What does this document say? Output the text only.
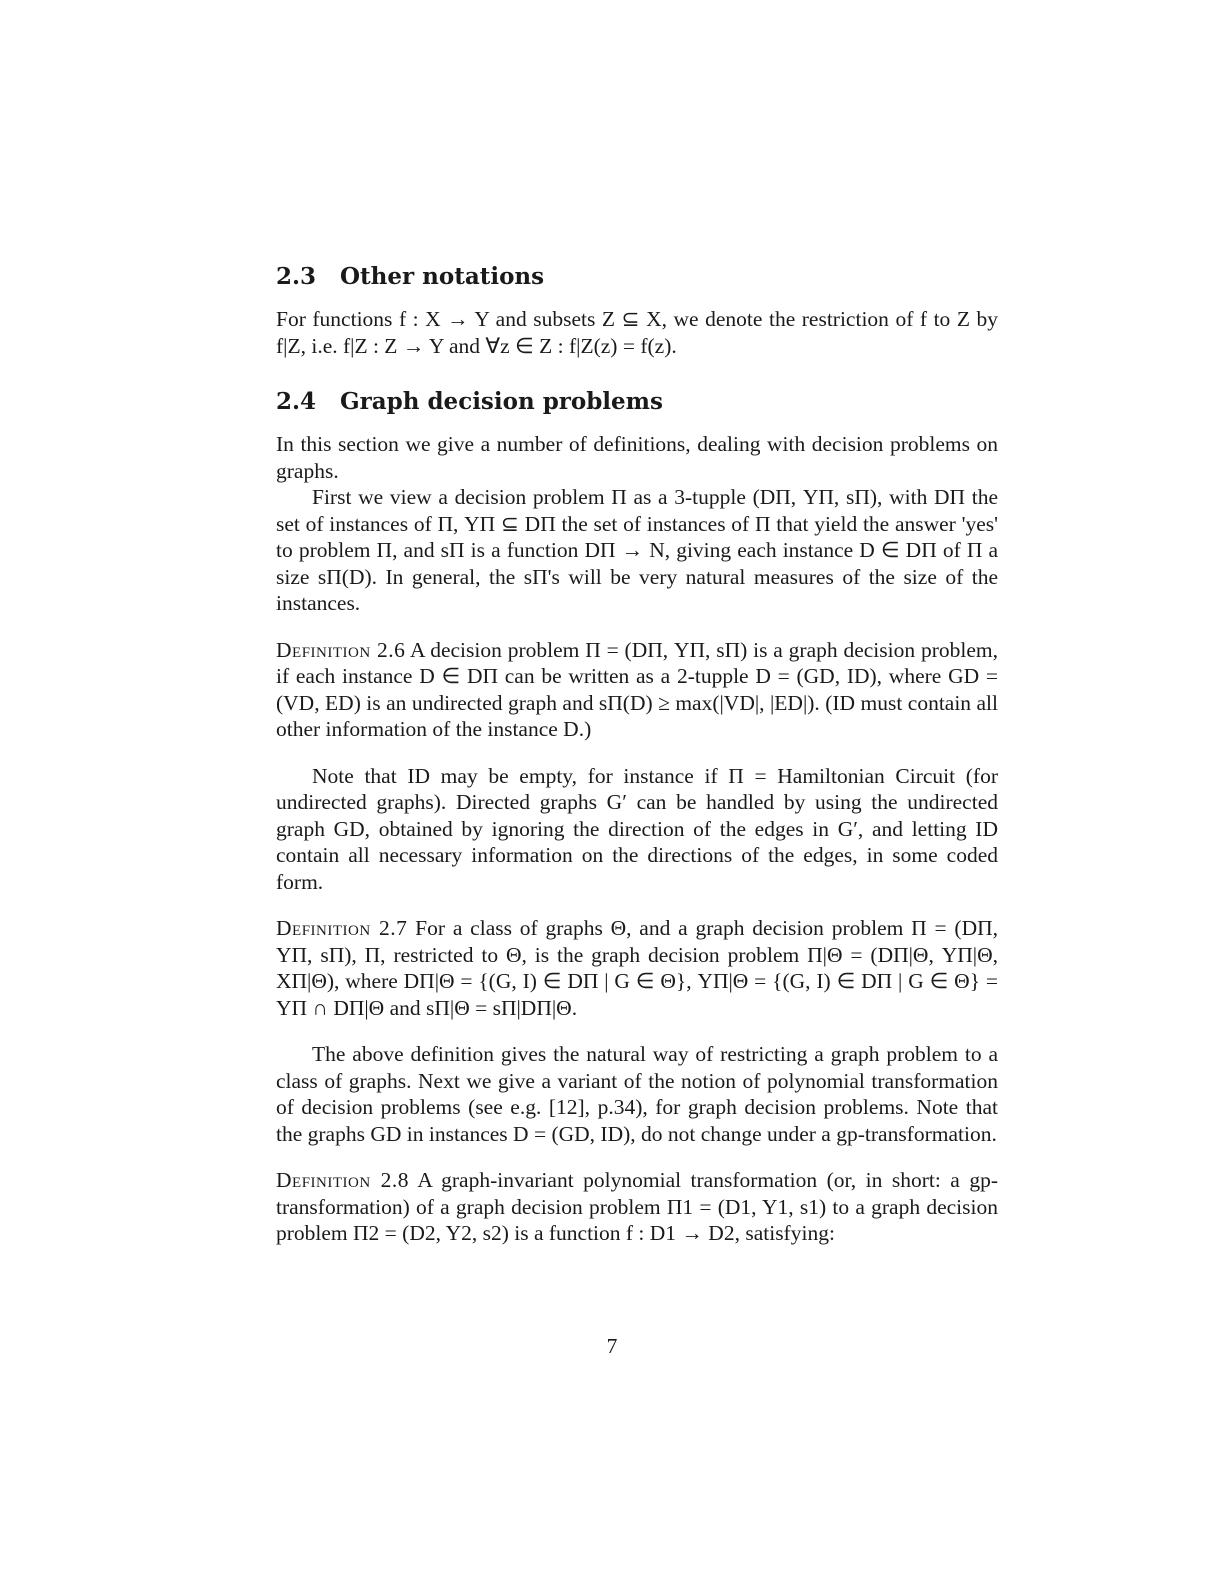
2.3 Other notations

For functions f : X → Y and subsets Z ⊆ X, we denote the restriction of f to Z by f|Z, i.e. f|Z : Z → Y and ∀z ∈ Z : f|Z(z) = f(z).

2.4 Graph decision problems

In this section we give a number of definitions, dealing with decision problems on graphs.

First we view a decision problem Π as a 3-tupple (DΠ, YΠ, sΠ), with DΠ the set of instances of Π, YΠ ⊆ DΠ the set of instances of Π that yield the answer 'yes' to problem Π, and sΠ is a function DΠ → N, giving each instance D ∈ DΠ of Π a size sΠ(D). In general, the sΠ's will be very natural measures of the size of the instances.

Definition 2.6 A decision problem Π = (DΠ, YΠ, sΠ) is a graph decision problem, if each instance D ∈ DΠ can be written as a 2-tupple D = (GD, ID), where GD = (VD, ED) is an undirected graph and sΠ(D) ≥ max(|VD|, |ED|). (ID must contain all other information of the instance D.)

Note that ID may be empty, for instance if Π = Hamiltonian Circuit (for undirected graphs). Directed graphs G′ can be handled by using the undirected graph GD, obtained by ignoring the direction of the edges in G′, and letting ID contain all necessary information on the directions of the edges, in some coded form.

Definition 2.7 For a class of graphs Θ, and a graph decision problem Π = (DΠ, YΠ, sΠ), Π, restricted to Θ, is the graph decision problem Π|Θ = (DΠ|Θ, YΠ|Θ, XΠ|Θ), where DΠ|Θ = {(G, I) ∈ DΠ | G ∈ Θ}, YΠ|Θ = {(G, I) ∈ DΠ | G ∈ Θ} = YΠ ∩ DΠ|Θ and sΠ|Θ = sΠ|DΠ|Θ.

The above definition gives the natural way of restricting a graph problem to a class of graphs. Next we give a variant of the notion of polynomial transformation of decision problems (see e.g. [12], p.34), for graph decision problems. Note that the graphs GD in instances D = (GD, ID), do not change under a gp-transformation.

Definition 2.8 A graph-invariant polynomial transformation (or, in short: a gp-transformation) of a graph decision problem Π1 = (D1, Y1, s1) to a graph decision problem Π2 = (D2, Y2, s2) is a function f : D1 → D2, satisfying:

7
